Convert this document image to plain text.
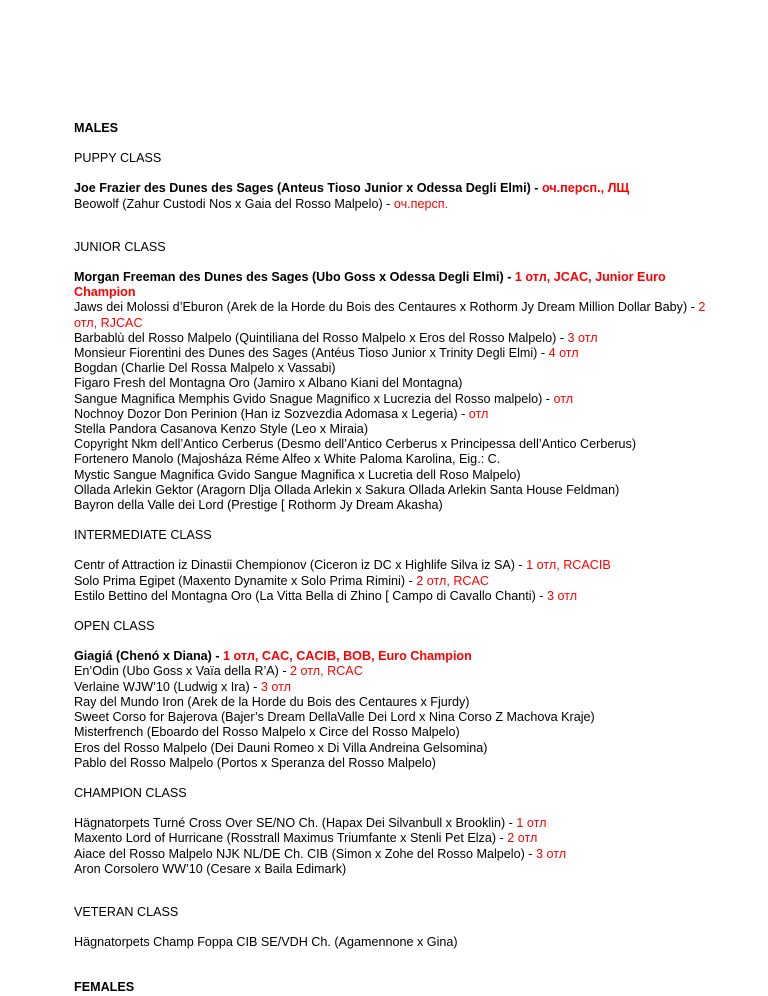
MALES
PUPPY CLASS
Joe Frazier des Dunes des Sages (Anteus Tioso Junior x Odessa Degli Elmi) - оч.персп., ЛЩ
Beowolf (Zahur Custodi Nos x Gaia del Rosso Malpelo) - оч.персп.
JUNIOR CLASS
Morgan Freeman des Dunes des Sages (Ubo Goss x Odessa Degli Elmi) - 1 отл, JCAC, Junior Euro Champion
Jaws dei Molossi d’Eburon (Arek de la Horde du Bois des Centaures x Rothorm Jy Dream Million Dollar Baby) - 2 отл, RJCAC
Barbablù del Rosso Malpelo (Quintiliana del Rosso Malpelo x Eros del Rosso Malpelo) - 3 отл
Monsieur Fiorentini des Dunes des Sages (Antéus Tioso Junior x Trinity Degli Elmi) - 4 отл
Bogdan (Charlie Del Rossa Malpelo x Vassabi)
Figaro Fresh del Montagna Oro (Jamiro x Albano Kiani del Montagna)
Sangue Magnifica Memphis Gvido Snague Magnifico x Lucrezia del Rosso malpelo) - отл
Nochnoy Dozor Don Perinion (Han iz Sozvezdia Adomasa x Legeria) - отл
Stella Pandora Casanova Kenzo Style (Leo x Miraia)
Copyright Nkm dell’Antico Cerberus (Desmo dell’Antico Cerberus x Principessa dell’Antico Cerberus)
Fortenero Manolo (Majosháza Réme Alfeo x White Paloma Karolina, Eig.: C.
Mystic Sangue Magnifica Gvido Sangue Magnifica x Lucretia dell Roso Malpelo)
Ollada Arlekin Gektor (Aragorn Dlja Ollada Arlekin x Sakura Ollada Arlekin Santa House Feldman)
Bayron della Valle dei Lord (Prestige [ Rothorm Jy Dream Akasha)
INTERMEDIATE CLASS
Centr of Attraction iz Dinastii Chempionov (Ciceron iz DC x Highlife Silva iz SA) - 1 отл, RCACIB
Solo Prima Egipet (Maxento Dynamite x Solo Prima Rimini) - 2 отл, RCAC
Estilo Bettino del Montagna Oro (La Vitta Bella di Zhino [ Campo di Cavallo Chanti) - 3 отл
OPEN CLASS
Giagiá (Chenó x Diana) - 1 отл, CAC, CACIB, BOB, Euro Champion
En’Odin (Ubo Goss x Vaïa della R’A) - 2 отл, RCAC
Verlaine WJW’10 (Ludwig x Ira) - 3 отл
Ray del Mundo Iron (Arek de la Horde du Bois des Centaures x Fjurdy)
Sweet Corso for Bajerova (Bajer’s Dream DellaValle Dei Lord x Nina Corso Z Machova Kraje)
Misterfrench (Eboardo del Rosso Malpelo x Circe del Rosso Malpelo)
Eros del Rosso Malpelo (Dei Dauni Romeo x Di Villa Andreina Gelsomina)
Pablo del Rosso Malpelo (Portos x Speranza del Rosso Malpelo)
CHAMPION CLASS
Hägnatorpets Turné Cross Over SE/NO Ch. (Hapax Dei Silvanbull x Brooklin) - 1 отл
Maxento Lord of Hurricane (Rosstrall Maximus Triumfante x Stenli Pet Elza) - 2 отл
Aiace del Rosso Malpelo NJK NL/DE Ch. CIB (Simon x Zohe del Rosso Malpelo) - 3 отл
Aron Corsolero WW’10 (Cesare x Baila Edimark)
VETERAN CLASS
Hägnatorpets Champ Foppa CIB SE/VDH Ch. (Agamennone x Gina)
FEMALES
